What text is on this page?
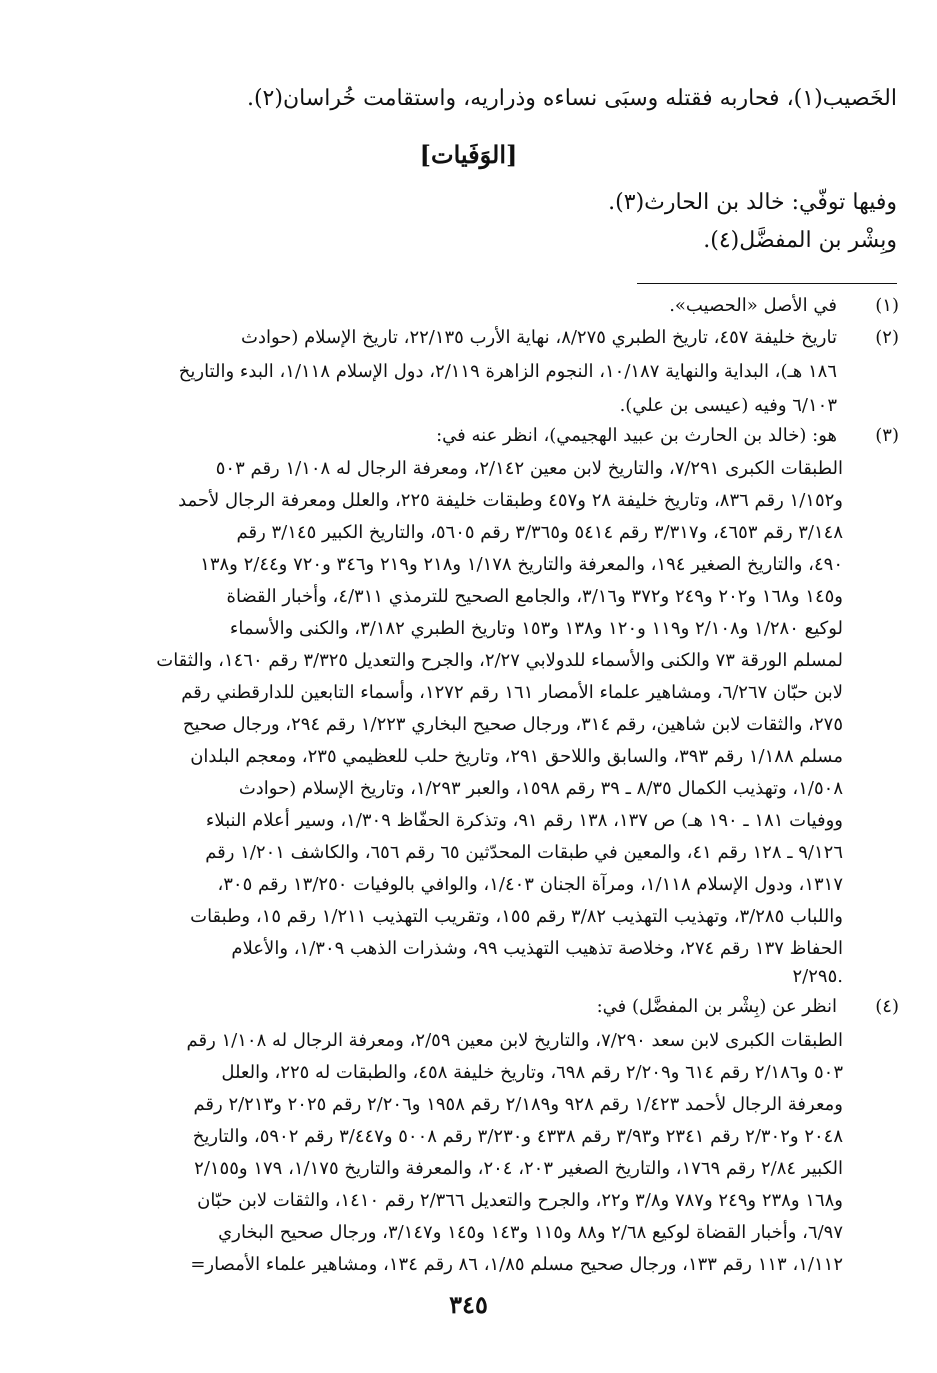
الخَصيب(١)، فحاربه فقتله وسبَى نساءه وذراريه، واستقامت خُراسان(٢).
[الوَفَيات]
وفيها توفّي: خالد بن الحارث(٣).
وبِشْر بن المفضَّل(٤).
(١)
في الأصل «الحصيب».
(٢)
تاريخ خليفة ٤٥٧، تاريخ الطبري ٨/٢٧٥، نهاية الأرب ٢٢/١٣٥، تاريخ الإسلام (حوادث
١٨٦ هـ)، البداية والنهاية ١٠/١٨٧، النجوم الزاهرة ٢/١١٩، دول الإسلام ١/١١٨، البدء والتاريخ
٦/١٠٣ وفيه (عيسى بن علي).
(٣)
هو: (خالد بن الحارث بن عبيد الهجيمي)، انظر عنه في:
الطبقات الكبرى ٧/٢٩١، والتاريخ لابن معين ٢/١٤٢، ومعرفة الرجال له ١/١٠٨ رقم ٥٠٣
و١/١٥٢ رقم ٨٣٦، وتاريخ خليفة ٢٨ و٤٥٧ وطبقات خليفة ٢٢٥، والعلل ومعرفة الرجال لأحمد
٣/١٤٨ رقم ٤٦٥٣، و٣/٣١٧ رقم ٥٤١٤ و٣/٣٦٥ رقم ٥٦٠٥، والتاريخ الكبير ٣/١٤٥ رقم
٤٩٠، والتاريخ الصغير ١٩٤، والمعرفة والتاريخ ١/١٧٨ و٢١٨ و٢١٩ و٣٤٦ و٧٢٠ و٢/٤٤ و١٣٨
و١٤٥ و١٦٨ و٢٠٢ و٢٤٩ و٣٧٢ و٣/١٦، والجامع الصحيح للترمذي ٤/٣١١، وأخبار القضاة
لوكيع ١/٢٨٠ و٢/١٠٨ و١١٩ و١٢٠ و١٣٨ و١٥٣ وتاريخ الطبري ٣/١٨٢، والكنى والأسماء
لمسلم الورقة ٧٣ والكنى والأسماء للدولابي ٢/٢٧، والجرح والتعديل ٣/٣٢٥ رقم ١٤٦٠، والثقات
لابن حبّان ٦/٢٦٧، ومشاهير علماء الأمصار ١٦١ رقم ١٢٧٢، وأسماء التابعين للدارقطني رقم
٢٧٥، والثقات لابن شاهين، رقم ٣١٤، ورجال صحيح البخاري ١/٢٢٣ رقم ٢٩٤، ورجال صحيح
مسلم ١/١٨٨ رقم ٣٩٣، والسابق واللاحق ٢٩١، وتاريخ حلب للعظيمي ٢٣٥، ومعجم البلدان
١/٥٠٨، وتهذيب الكمال ٨/٣٥ ـ ٣٩ رقم ١٥٩٨، والعبر ١/٢٩٣، وتاريخ الإسلام (حوادث
ووفيات ١٨١ ـ ١٩٠ هـ) ص ١٣٧، ١٣٨ رقم ٩١، وتذكرة الحفّاظ ١/٣٠٩، وسير أعلام النبلاء
٩/١٢٦ ـ ١٢٨ رقم ٤١، والمعين في طبقات المحدّثين ٦٥ رقم ٦٥٦، والكاشف ١/٢٠١ رقم
١٣١٧، ودول الإسلام ١/١١٨، ومرآة الجنان ١/٤٠٣، والوافي بالوفيات ١٣/٢٥٠ رقم ٣٠٥،
واللباب ٣/٢٨٥، وتهذيب التهذيب ٣/٨٢ رقم ١٥٥، وتقريب التهذيب ١/٢١١ رقم ١٥، وطبقات
الحفاظ ١٣٧ رقم ٢٧٤، وخلاصة تذهيب التهذيب ٩٩، وشذرات الذهب ١/٣٠٩، والأعلام
٢/٢٩٥.
(٤)
انظر عن (بِشْر بن المفضَّل) في:
الطبقات الكبرى لابن سعد ٧/٢٩٠، والتاريخ لابن معين ٢/٥٩، ومعرفة الرجال له ١/١٠٨ رقم
٥٠٣ و٢/١٨٦ رقم ٦١٤ و٢/٢٠٩ رقم ٦٩٨، وتاريخ خليفة ٤٥٨، والطبقات له ٢٢٥، والعلل
ومعرفة الرجال لأحمد ١/٤٢٣ رقم ٩٢٨ و٢/١٨٩ رقم ١٩٥٨ و٢/٢٠٦ رقم ٢٠٢٥ و٢/٢١٣ رقم
٢٠٤٨ و٢/٣٠٢ رقم ٢٣٤١ و٣/٩٣ رقم ٤٣٣٨ و٣/٢٣٠ رقم ٥٠٠٨ و٣/٤٤٧ رقم ٥٩٠٢، والتاريخ
الكبير ٢/٨٤ رقم ١٧٦٩، والتاريخ الصغير ٢٠٣، ٢٠٤، والمعرفة والتاريخ ١/١٧٥، ١٧٩ و٢/١٥٥
و١٦٨ و٢٣٨ و٢٤٩ و٧٨٧ و٣/٨ و٢٢، والجرح والتعديل ٢/٣٦٦ رقم ١٤١٠، والثقات لابن حبّان
٦/٩٧، وأخبار القضاة لوكيع ٢/٦٨ و٨٨ و١١٥ و١٤٣ و١٤٥ و٣/١٤٧، ورجال صحيح البخاري
١/١١٢، ١١٣ رقم ١٣٣، ورجال صحيح مسلم ١/٨٥، ٨٦ رقم ١٣٤، ومشاهير علماء الأمصار=
٣٤٥
